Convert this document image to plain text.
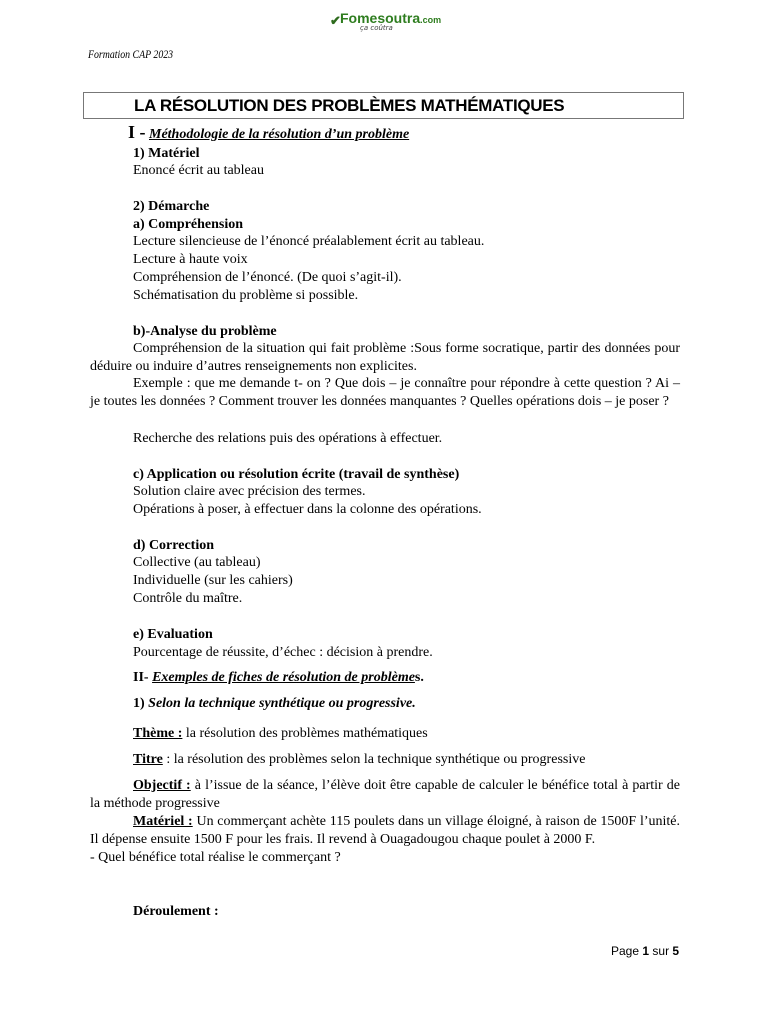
✔ Fomesoutra.com
ça coûtra
Formation CAP 2023
LA RÉSOLUTION DES PROBLÈMES MATHÉMATIQUES
I - Méthodologie de la résolution d’un problème
1) Matériel
Enoncé écrit au tableau
2) Démarche
a) Compréhension
Lecture silencieuse de l’énoncé préalablement écrit au tableau.
Lecture à haute voix
Compréhension de l’énoncé. (De quoi s’agit-il).
Schématisation du problème si possible.
b)-Analyse du problème
Compréhension de la situation qui fait problème :Sous forme socratique, partir des données pour déduire ou induire d’autres renseignements non explicites.
Exemple : que me demande t- on ? Que dois – je connaître pour répondre à cette question ? Ai – je toutes les données ? Comment trouver les données manquantes ? Quelles opérations dois – je poser ?
Recherche des relations puis des opérations à effectuer.
c) Application ou résolution écrite (travail de synthèse)
Solution claire avec précision des termes.
Opérations à poser, à effectuer dans la colonne des opérations.
d) Correction
Collective (au tableau)
Individuelle (sur les cahiers)
Contrôle du maître.
e) Evaluation
Pourcentage de réussite, d’échec : décision à prendre.
II- Exemples de fiches de résolution de problèmes.
1) Selon la technique synthétique ou progressive.
Thème : la résolution des problèmes mathématiques
Titre : la résolution des problèmes selon la technique synthétique ou progressive
Objectif : à l’issue de la séance, l’élève doit être capable de calculer le bénéfice total à partir de la méthode progressive
Matériel : Un commerçant achète 115 poulets dans un village éloigné, à raison de 1500F l’unité. Il dépense ensuite 1500 F pour les frais. Il revend à Ouagadougou chaque poulet à 2000 F.
- Quel bénéfice total réalise le commerçant ?
Déroulement :
Page 1 sur 5
